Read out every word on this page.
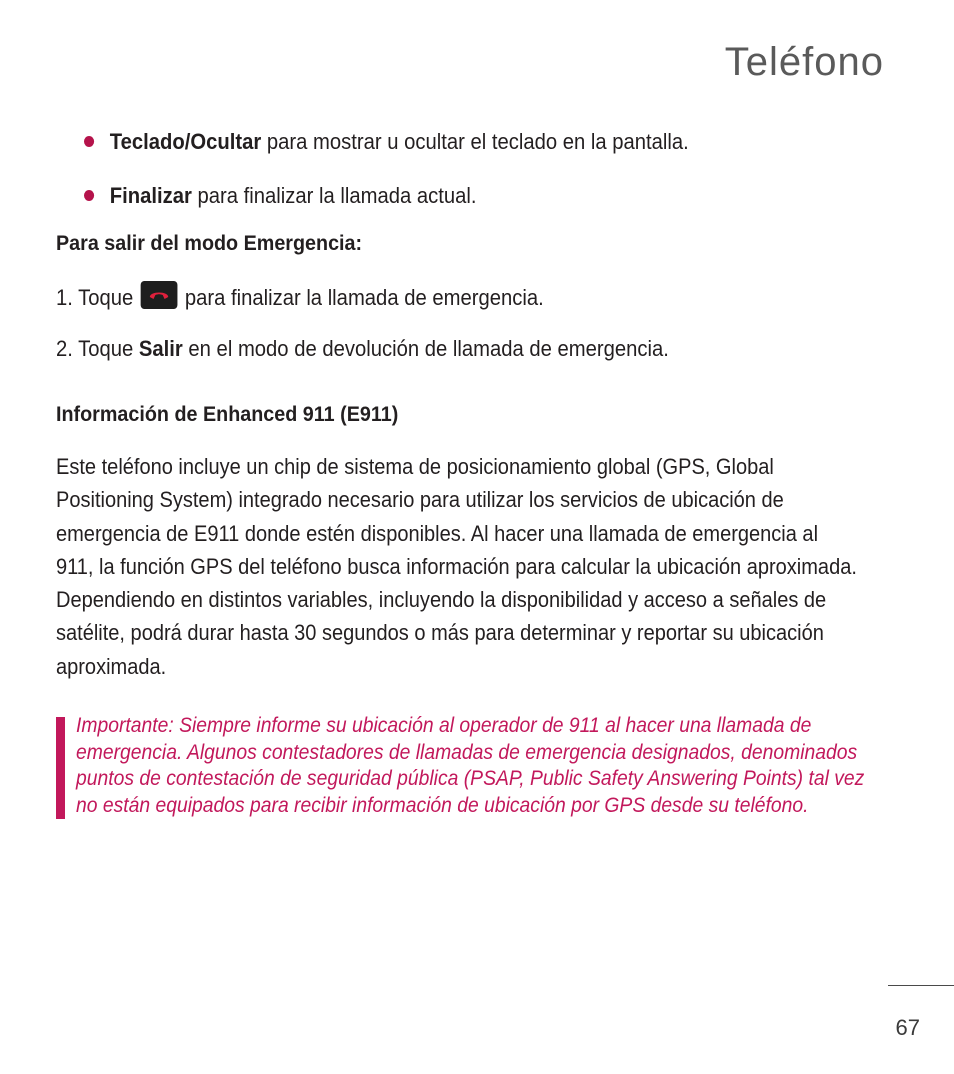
Teléfono
Teclado/Ocultar para mostrar u ocultar el teclado en la pantalla.
Finalizar para finalizar la llamada actual.
Para salir del modo Emergencia:
1. Toque para finalizar la llamada de emergencia.
2. Toque Salir en el modo de devolución de llamada de emergencia.
Información de Enhanced 911 (E911)
Este teléfono incluye un chip de sistema de posicionamiento global (GPS, Global
Positioning System) integrado necesario para utilizar los servicios de ubicación de
emergencia de E911 donde estén disponibles. Al hacer una llamada de emergencia al
911, la función GPS del teléfono busca información para calcular la ubicación aproximada.
Dependiendo en distintos variables, incluyendo la disponibilidad y acceso a señales de
satélite, podrá durar hasta 30 segundos o más para determinar y reportar su ubicación
aproximada.
Importante: Siempre informe su ubicación al operador de 911 al hacer una llamada de
emergencia. Algunos contestadores de llamadas de emergencia designados, denominados
puntos de contestación de seguridad pública (PSAP, Public Safety Answering Points) tal vez
no están equipados para recibir información de ubicación por GPS desde su teléfono.
67
